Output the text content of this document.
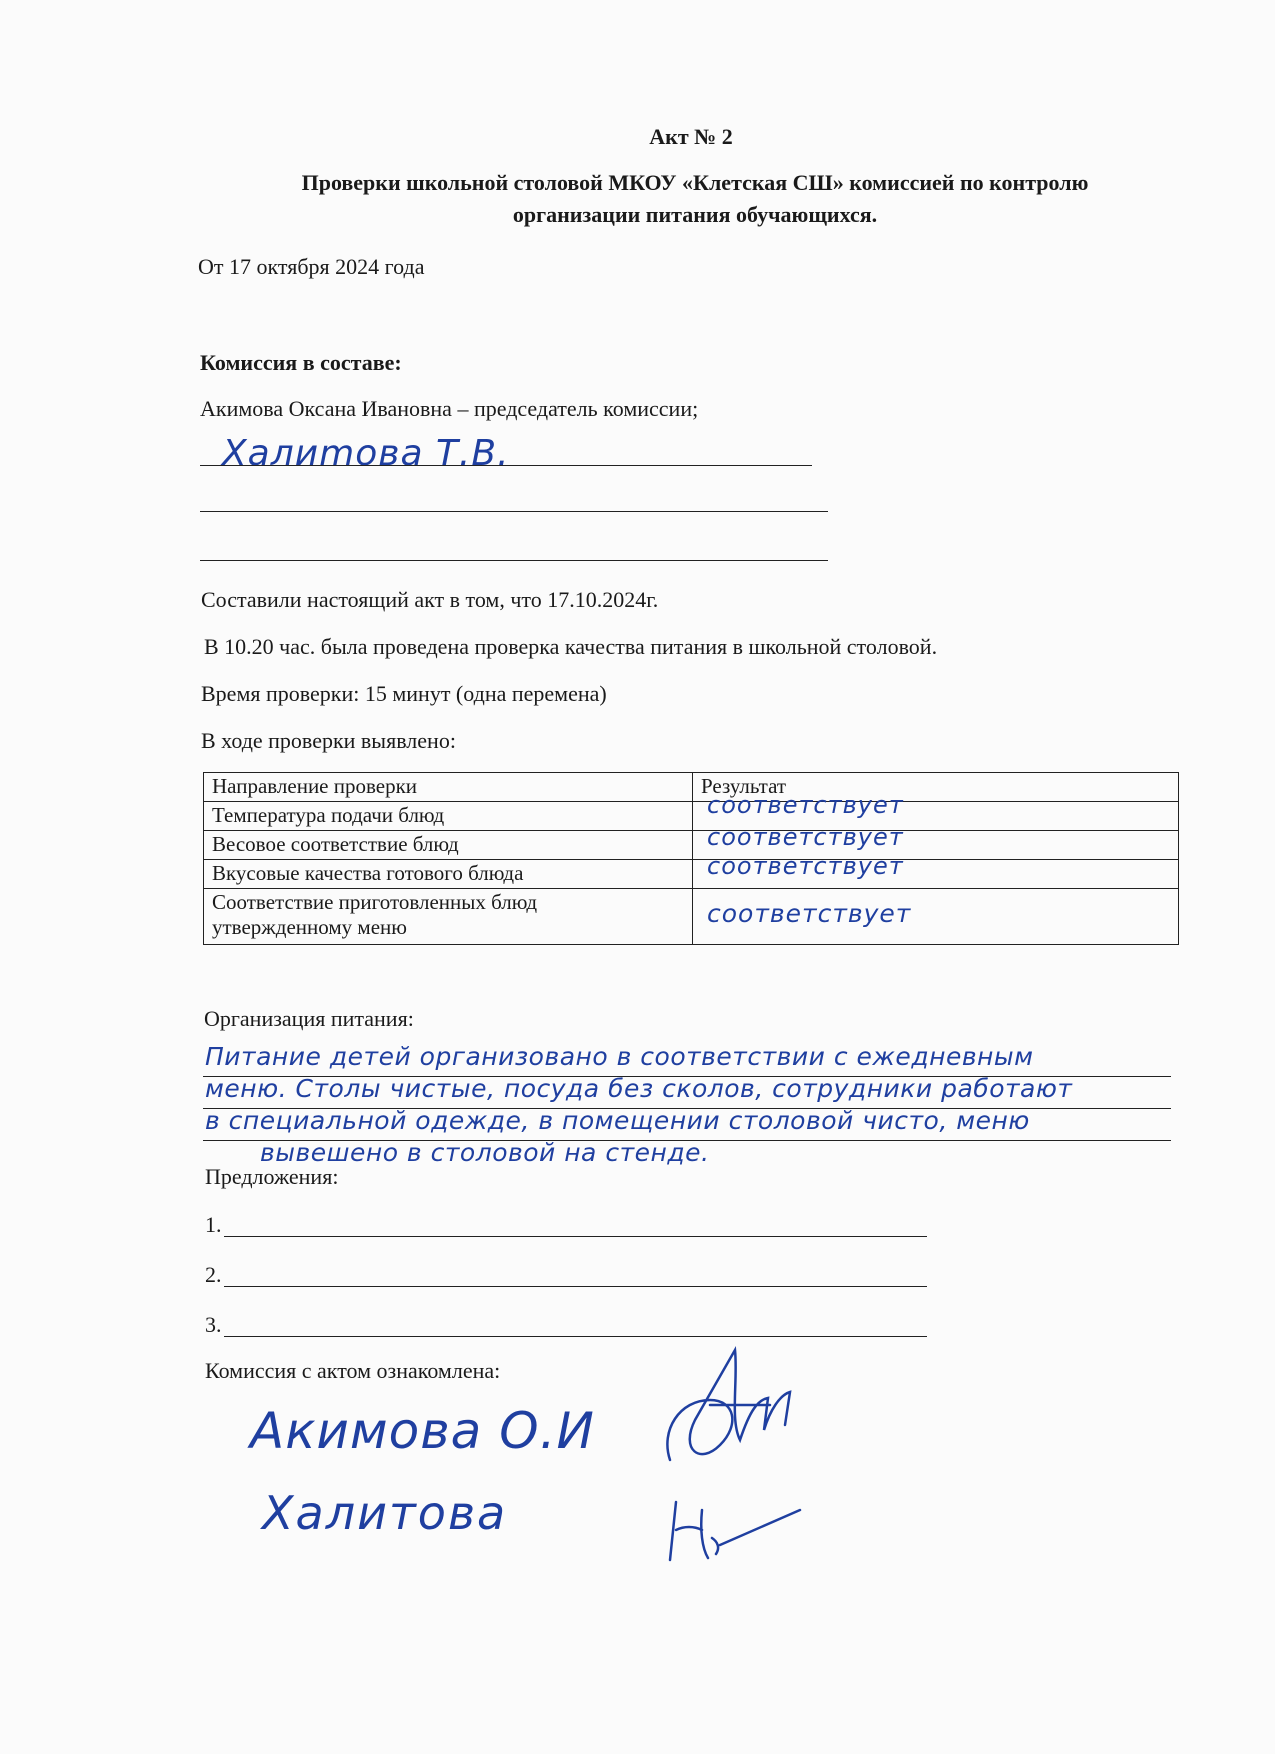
Акт № 2
Проверки школьной столовой МКОУ «Клетская СШ» комиссией по контролю
организации питания обучающихся.
От 17 октября 2024 года
Комиссия в составе:
Акимова Оксана Ивановна – председатель комиссии;
Халиmова Т.В.
Составили настоящий акт в том, что 17.10.2024г.
В 10.20 час. была проведена проверка качества питания в школьной столовой.
Время проверки: 15 минут (одна перемена)
В ходе проверки выявлено:
Направление проверки	Результат
Температура подачи блюд	соответствует

Весовое соответствие блюд	соответствует

Вкусовые качества готового блюда	соответствует

Соответствие приготовленных блюд
утвержденному меню	соответствует
Организация питания:
Питание детей организовано в соответствии с ежедневным
меню. Столы чистые, посуда без сколов, сотрудники работают
в специальной одежде, в помещении столовой чисто, меню
вывешено в столовой на стенде.
Предложения:
1.
2.
3.
Комиссия с актом ознакомлена:
Акимова О.И
Халитова
